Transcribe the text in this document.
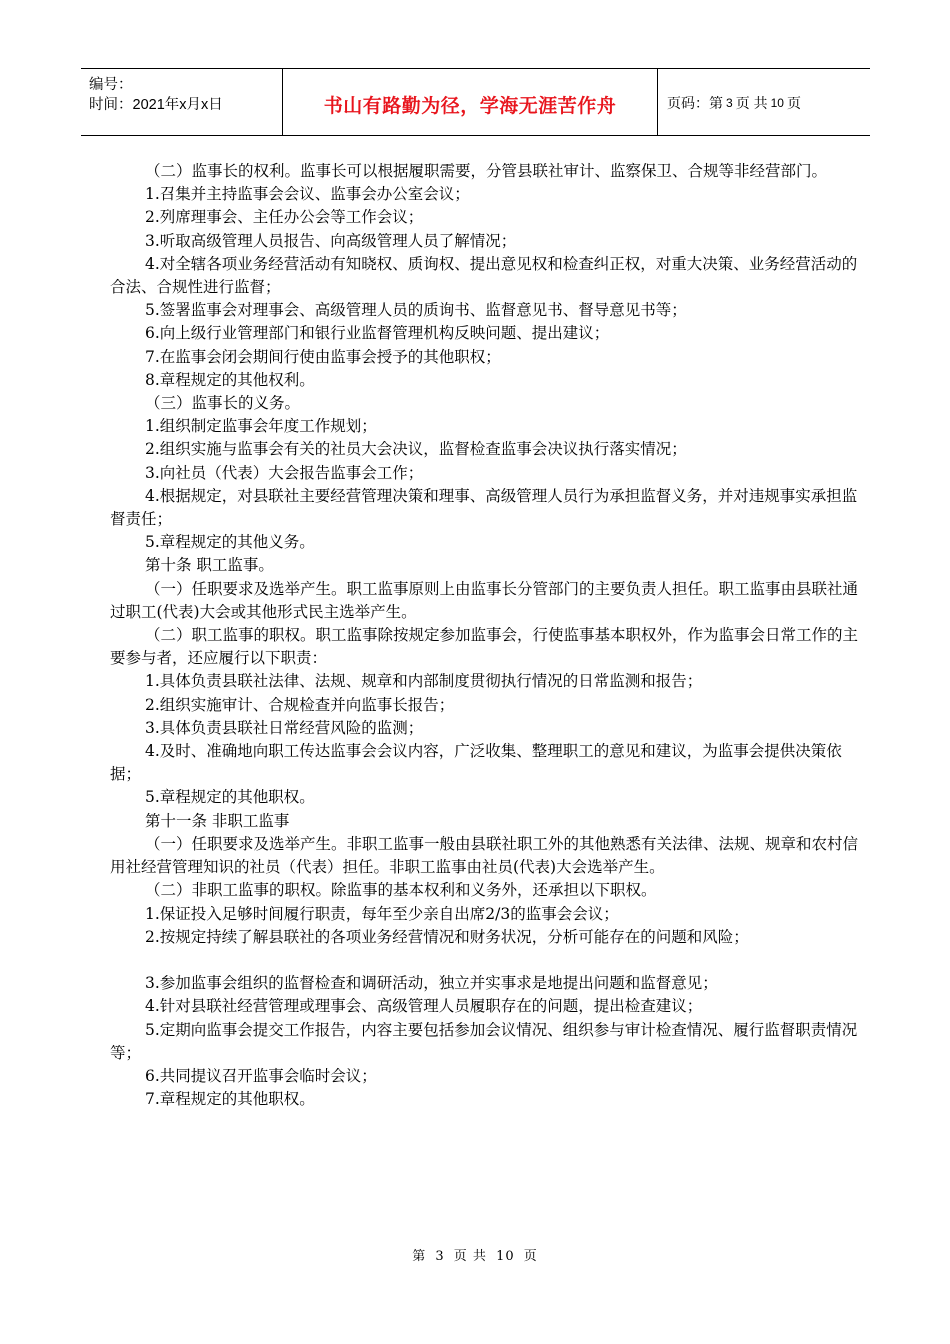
编号：
时间：2021年x月x日	书山有路勤为径，学海无涯苦作舟	页码：第 3 页 共 10 页

（二）监事长的权利。监事长可以根据履职需要，分管县联社审计、监察保卫、合规等非经营部门。

1.召集并主持监事会会议、监事会办公室会议；

2.列席理事会、主任办公会等工作会议；

3.听取高级管理人员报告、向高级管理人员了解情况；

4.对全辖各项业务经营活动有知晓权、质询权、提出意见权和检查纠正权，对重大决策、业务经营活动的合法、合规性进行监督；

5.签署监事会对理事会、高级管理人员的质询书、监督意见书、督导意见书等；

6.向上级行业管理部门和银行业监督管理机构反映问题、提出建议；

7.在监事会闭会期间行使由监事会授予的其他职权；

8.章程规定的其他权利。

（三）监事长的义务。

1.组织制定监事会年度工作规划；

2.组织实施与监事会有关的社员大会决议，监督检查监事会决议执行落实情况；

3.向社员（代表）大会报告监事会工作；

4.根据规定，对县联社主要经营管理决策和理事、高级管理人员行为承担监督义务，并对违规事实承担监督责任；

5.章程规定的其他义务。

第十条 职工监事。

（一）任职要求及选举产生。职工监事原则上由监事长分管部门的主要负责人担任。职工监事由县联社通过职工(代表)大会或其他形式民主选举产生。

（二）职工监事的职权。职工监事除按规定参加监事会，行使监事基本职权外，作为监事会日常工作的主要参与者，还应履行以下职责：

1.具体负责县联社法律、法规、规章和内部制度贯彻执行情况的日常监测和报告；

2.组织实施审计、合规检查并向监事长报告；

3.具体负责县联社日常经营风险的监测；

4.及时、准确地向职工传达监事会会议内容，广泛收集、整理职工的意见和建议，为监事会提供决策依据；

5.章程规定的其他职权。

第十一条 非职工监事

（一）任职要求及选举产生。非职工监事一般由县联社职工外的其他熟悉有关法律、法规、规章和农村信用社经营管理知识的社员（代表）担任。非职工监事由社员(代表)大会选举产生。

（二）非职工监事的职权。除监事的基本权利和义务外，还承担以下职权。

1.保证投入足够时间履行职责，每年至少亲自出席2/3的监事会会议；

2.按规定持续了解县联社的各项业务经营情况和财务状况，分析可能存在的问题和风险；

3.参加监事会组织的监督检查和调研活动，独立并实事求是地提出问题和监督意见；

4.针对县联社经营管理或理事会、高级管理人员履职存在的问题，提出检查建议；

5.定期向监事会提交工作报告，内容主要包括参加会议情况、组织参与审计检查情况、履行监督职责情况等；

6.共同提议召开监事会临时会议；

7.章程规定的其他职权。

第 3 页 共 10 页
